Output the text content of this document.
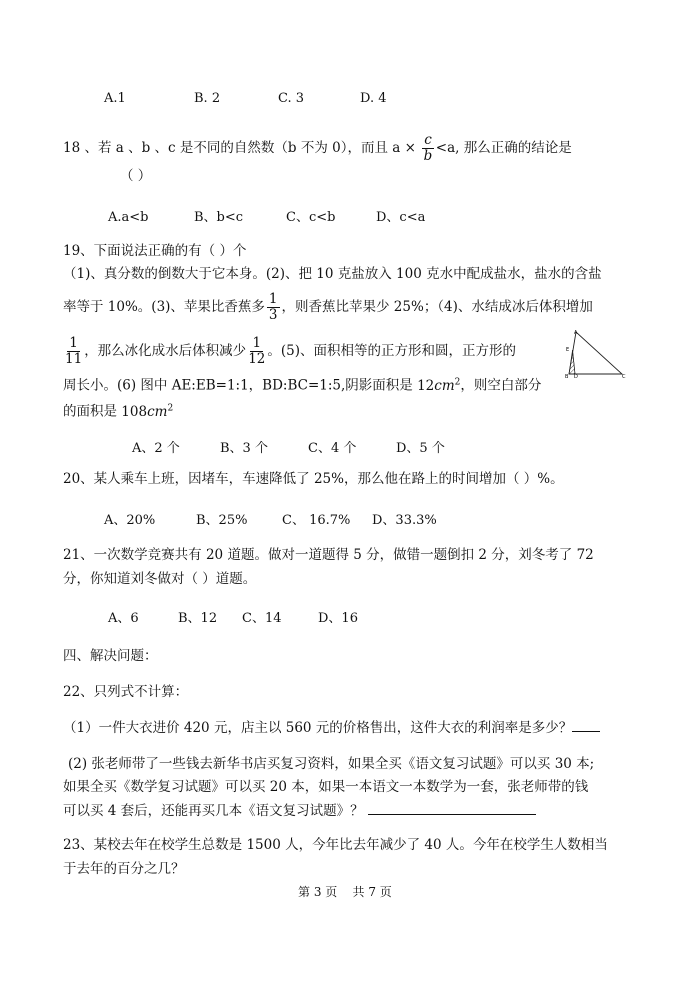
A.1	B. 2	C. 3	D. 4
18 、若 a 、b 、c 是不同的自然数（b 不为 0），而且 $a \times \frac{c}{b} <a$, 那么正确的结论是
（ ）
A.a<b	B、b<c	C、c<b	D、c<a
19、下面说法正确的有（ ）个
（1)、真分数的倒数大于它本身。(2)、把 10 克盐放入 100 克水中配成盐水，盐水的含盐
率等于 10%。(3)、苹果比香蕉多 $\frac{1}{3}$ ，则香蕉比苹果少 25%；（4)、水结成冰后体积增加
$\frac{1}{11}$ ，那么冰化成水后体积减少 $\frac{1}{12}$ 。(5)、面积相等的正方形和圆，正方形的
周长小。(6) 图中 AE:EB=1:1，BD:BC=1:5,阴影面积是 $12cm^2$，则空白部分
的面积是 $108cm^2$
A
E
B D	C
A、2 个	B、3 个	C、4 个	D、5 个
20、某人乘车上班，因堵车，车速降低了 25%，那么他在路上的时间增加（ ）%。
A、20%	B、25%	C、 16.7% D、33.3%
21、一次数学竞赛共有 20 道题。做对一道题得 5 分，做错一题倒扣 2 分，刘冬考了 72
分，你知道刘冬做对（ ）道题。
A、6	B、12 C、14	D、16
四、解决问题：
22、只列式不计算：
（1）一件大衣进价 420 元，店主以 560 元的价格售出，这件大衣的利润率是多少？
(2) 张老师带了一些钱去新华书店买复习资料，如果全买《语文复习试题》可以买 30 本;
如果全买《数学复习试题》可以买 20 本，如果一本语文一本数学为一套，张老师带的钱
可以买 4 套后，还能再买几本《语文复习试题》？
23、某校去年在校学生总数是 1500 人，今年比去年减少了 40 人。今年在校学生人数相当
于去年的百分之几？
第 3 页 共 7 页
